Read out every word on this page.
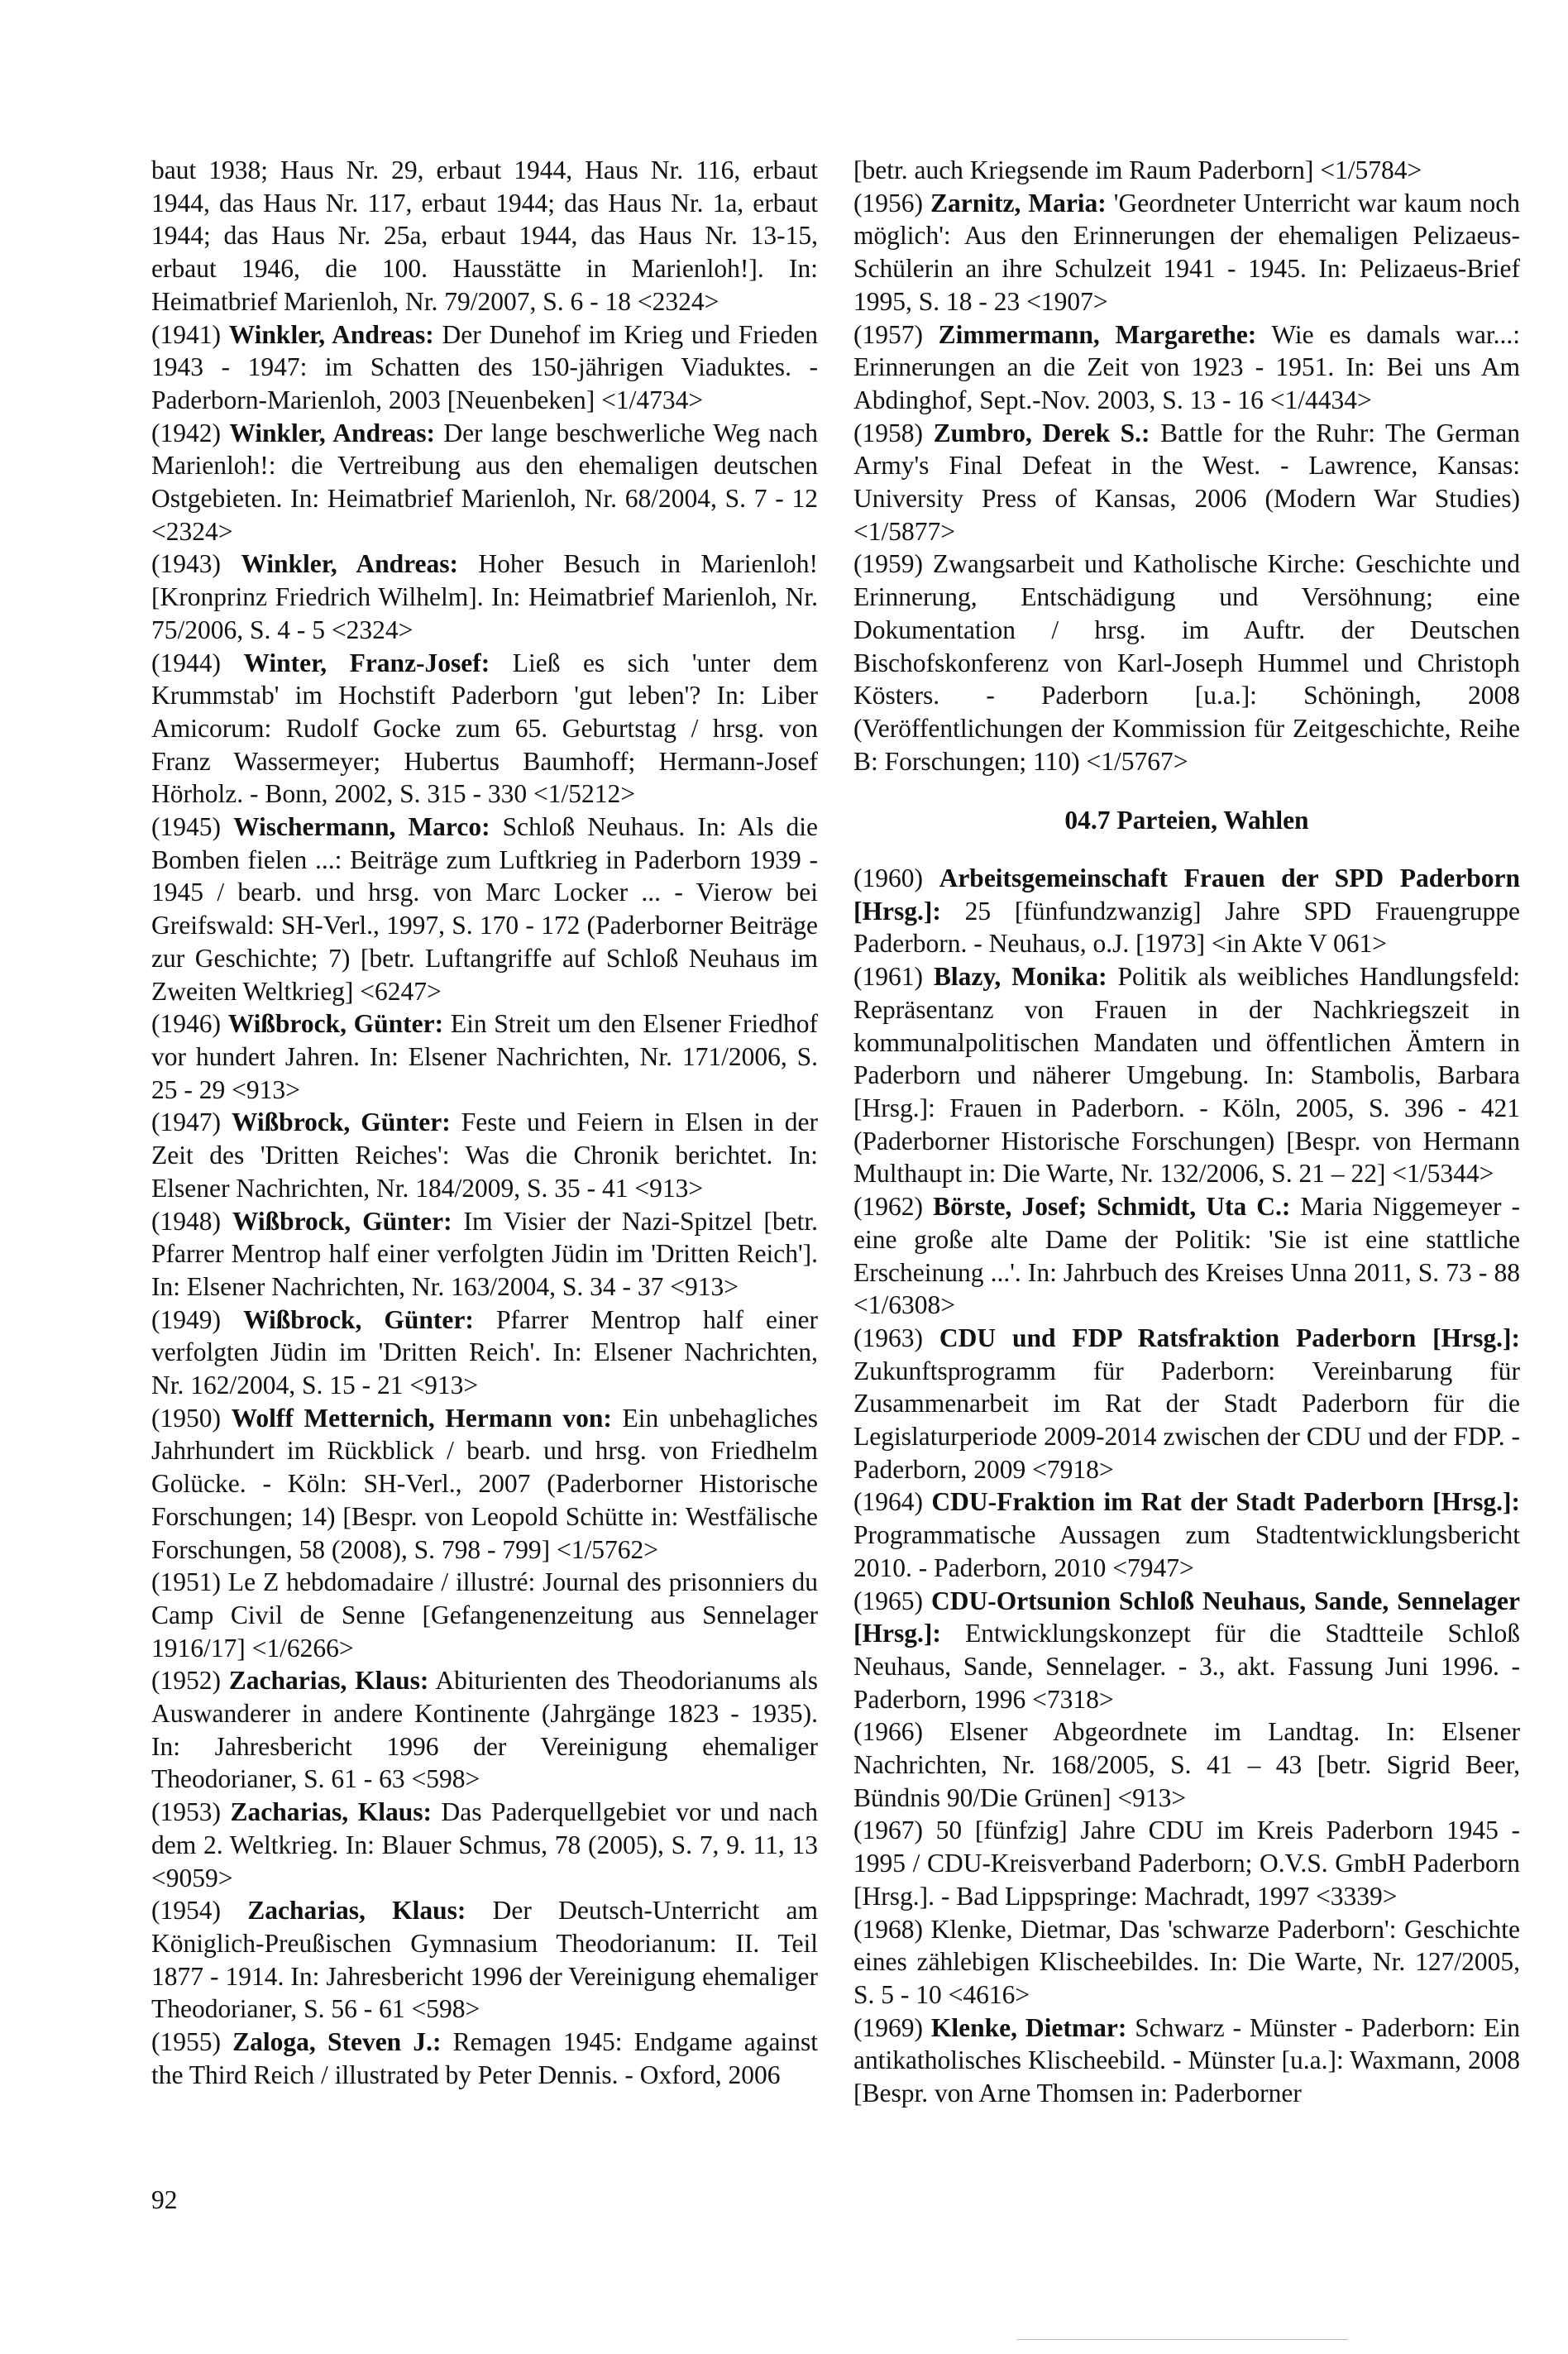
baut 1938; Haus Nr. 29, erbaut 1944, Haus Nr. 116, erbaut 1944, das Haus Nr. 117, erbaut 1944; das Haus Nr. 1a, erbaut 1944; das Haus Nr. 25a, erbaut 1944, das Haus Nr. 13-15, erbaut 1946, die 100. Hausstätte in Marienloh!]. In: Heimatbrief Marienloh, Nr. 79/2007, S. 6 - 18 <2324>

(1941) Winkler, Andreas: Der Dunehof im Krieg und Frieden 1943 - 1947: im Schatten des 150-jährigen Viaduktes. - Paderborn-Marienloh, 2003 [Neuenbeken] <1/4734>

(1942) Winkler, Andreas: Der lange beschwerliche Weg nach Marienloh!: die Vertreibung aus den ehemaligen deutschen Ostgebieten. In: Heimatbrief Marienloh, Nr. 68/2004, S. 7 - 12 <2324>

(1943) Winkler, Andreas: Hoher Besuch in Marienloh! [Kronprinz Friedrich Wilhelm]. In: Heimatbrief Marienloh, Nr. 75/2006, S. 4 - 5 <2324>

(1944) Winter, Franz-Josef: Ließ es sich 'unter dem Krummstab' im Hochstift Paderborn 'gut leben'? In: Liber Amicorum: Rudolf Gocke zum 65. Geburtstag / hrsg. von Franz Wassermeyer; Hubertus Baumhoff; Hermann-Josef Hörholz. - Bonn, 2002, S. 315 - 330 <1/5212>

(1945) Wischermann, Marco: Schloß Neuhaus. In: Als die Bomben fielen ...: Beiträge zum Luftkrieg in Paderborn 1939 - 1945 / bearb. und hrsg. von Marc Locker ... - Vierow bei Greifswald: SH-Verl., 1997, S. 170 - 172 (Paderborner Beiträge zur Geschichte; 7) [betr. Luftangriffe auf Schloß Neuhaus im Zweiten Weltkrieg] <6247>

(1946) Wißbrock, Günter: Ein Streit um den Elsener Friedhof vor hundert Jahren. In: Elsener Nachrichten, Nr. 171/2006, S. 25 - 29 <913>

(1947) Wißbrock, Günter: Feste und Feiern in Elsen in der Zeit des 'Dritten Reiches': Was die Chronik berichtet. In: Elsener Nachrichten, Nr. 184/2009, S. 35 - 41 <913>

(1948) Wißbrock, Günter: Im Visier der Nazi-Spitzel [betr. Pfarrer Mentrop half einer verfolgten Jüdin im 'Dritten Reich']. In: Elsener Nachrichten, Nr. 163/2004, S. 34 - 37 <913>

(1949) Wißbrock, Günter: Pfarrer Mentrop half einer verfolgten Jüdin im 'Dritten Reich'. In: Elsener Nachrichten, Nr. 162/2004, S. 15 - 21 <913>

(1950) Wolff Metternich, Hermann von: Ein unbehagliches Jahrhundert im Rückblick / bearb. und hrsg. von Friedhelm Golücke. - Köln: SH-Verl., 2007 (Paderborner Historische Forschungen; 14) [Bespr. von Leopold Schütte in: Westfälische Forschungen, 58 (2008), S. 798 - 799] <1/5762>

(1951) Le Z hebdomadaire / illustré: Journal des prisonniers du Camp Civil de Senne [Gefangenenzeitung aus Sennelager 1916/17] <1/6266>

(1952) Zacharias, Klaus: Abiturienten des Theodorianums als Auswanderer in andere Kontinente (Jahrgänge 1823 - 1935). In: Jahresbericht 1996 der Vereinigung ehemaliger Theodorianer, S. 61 - 63 <598>

(1953) Zacharias, Klaus: Das Paderquellgebiet vor und nach dem 2. Weltkrieg. In: Blauer Schmus, 78 (2005), S. 7, 9. 11, 13 <9059>

(1954) Zacharias, Klaus: Der Deutsch-Unterricht am Königlich-Preußischen Gymnasium Theodorianum: II. Teil 1877 - 1914. In: Jahresbericht 1996 der Vereinigung ehemaliger Theodorianer, S. 56 - 61 <598>

(1955) Zaloga, Steven J.: Remagen 1945: Endgame against the Third Reich / illustrated by Peter Dennis. - Oxford, 2006

[betr. auch Kriegsende im Raum Paderborn] <1/5784>

(1956) Zarnitz, Maria: 'Geordneter Unterricht war kaum noch möglich': Aus den Erinnerungen der ehemaligen Pelizaeus-Schülerin an ihre Schulzeit 1941 - 1945. In: Pelizaeus-Brief 1995, S. 18 - 23 <1907>

(1957) Zimmermann, Margarethe: Wie es damals war...: Erinnerungen an die Zeit von 1923 - 1951. In: Bei uns Am Abdinghof, Sept.-Nov. 2003, S. 13 - 16 <1/4434>

(1958) Zumbro, Derek S.: Battle for the Ruhr: The German Army's Final Defeat in the West. - Lawrence, Kansas: University Press of Kansas, 2006 (Modern War Studies) <1/5877>

(1959) Zwangsarbeit und Katholische Kirche: Geschichte und Erinnerung, Entschädigung und Versöhnung; eine Dokumentation / hrsg. im Auftr. der Deutschen Bischofskonferenz von Karl-Joseph Hummel und Christoph Kösters. - Paderborn [u.a.]: Schöningh, 2008 (Veröffentlichungen der Kommission für Zeitgeschichte, Reihe B: Forschungen; 110) <1/5767>

04.7 Parteien, Wahlen

(1960) Arbeitsgemeinschaft Frauen der SPD Paderborn [Hrsg.]: 25 [fünfundzwanzig] Jahre SPD Frauengruppe Paderborn. - Neuhaus, o.J. [1973] <in Akte V 061>

(1961) Blazy, Monika: Politik als weibliches Handlungsfeld: Repräsentanz von Frauen in der Nachkriegszeit in kommunalpolitischen Mandaten und öffentlichen Ämtern in Paderborn und näherer Umgebung. In: Stambolis, Barbara [Hrsg.]: Frauen in Paderborn. - Köln, 2005, S. 396 - 421 (Paderborner Historische Forschungen) [Bespr. von Hermann Multhaupt in: Die Warte, Nr. 132/2006, S. 21 – 22] <1/5344>

(1962) Börste, Josef; Schmidt, Uta C.: Maria Niggemeyer - eine große alte Dame der Politik: 'Sie ist eine stattliche Erscheinung ...'. In: Jahrbuch des Kreises Unna 2011, S. 73 - 88 <1/6308>

(1963) CDU und FDP Ratsfraktion Paderborn [Hrsg.]: Zukunftsprogramm für Paderborn: Vereinbarung für Zusammenarbeit im Rat der Stadt Paderborn für die Legislaturperiode 2009-2014 zwischen der CDU und der FDP. - Paderborn, 2009 <7918>

(1964) CDU-Fraktion im Rat der Stadt Paderborn [Hrsg.]: Programmatische Aussagen zum Stadtentwicklungsbericht 2010. - Paderborn, 2010 <7947>

(1965) CDU-Ortsunion Schloß Neuhaus, Sande, Sennelager [Hrsg.]: Entwicklungskonzept für die Stadtteile Schloß Neuhaus, Sande, Sennelager. - 3., akt. Fassung Juni 1996. - Paderborn, 1996 <7318>

(1966) Elsener Abgeordnete im Landtag. In: Elsener Nachrichten, Nr. 168/2005, S. 41 – 43 [betr. Sigrid Beer, Bündnis 90/Die Grünen] <913>

(1967) 50 [fünfzig] Jahre CDU im Kreis Paderborn 1945 - 1995 / CDU-Kreisverband Paderborn; O.V.S. GmbH Paderborn [Hrsg.]. - Bad Lippspringe: Machradt, 1997 <3339>

(1968) Klenke, Dietmar, Das 'schwarze Paderborn': Geschichte eines zählebigen Klischeebildes. In: Die Warte, Nr. 127/2005, S. 5 - 10 <4616>

(1969) Klenke, Dietmar: Schwarz - Münster - Paderborn: Ein antikatholisches Klischeebild. - Münster [u.a.]: Waxmann, 2008 [Bespr. von Arne Thomsen in: Paderborner

92
